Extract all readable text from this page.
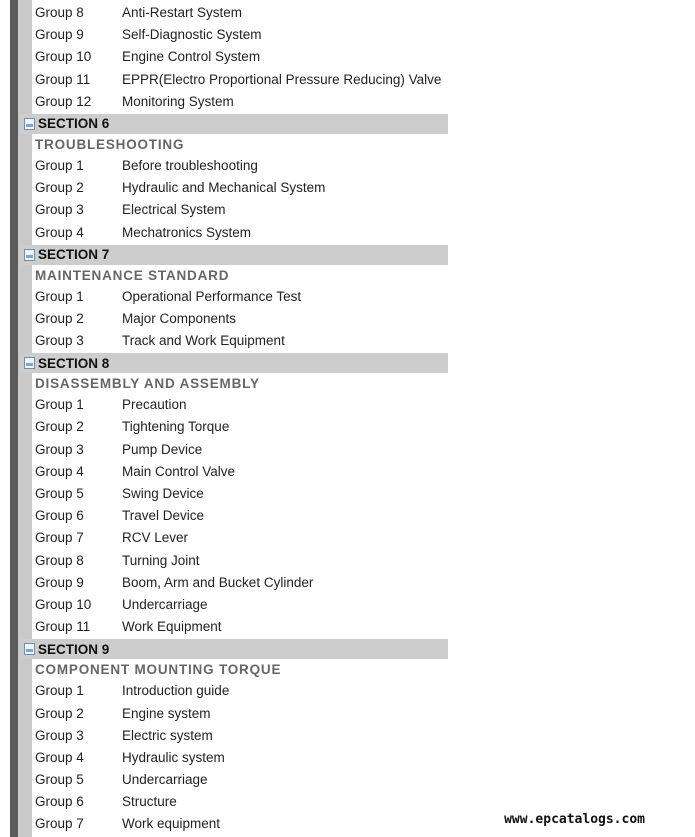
Group 8	Anti-Restart System
Group 9	Self-Diagnostic System
Group 10	Engine Control System
Group 11	EPPR(Electro Proportional Pressure Reducing) Valve
Group 12	Monitoring System
SECTION 6
TROUBLESHOOTING
Group 1	Before troubleshooting
Group 2	Hydraulic and Mechanical System
Group 3	Electrical System
Group 4	Mechatronics System
SECTION 7
MAINTENANCE STANDARD
Group 1	Operational Performance Test
Group 2	Major Components
Group 3	Track and Work Equipment
SECTION 8
DISASSEMBLY AND ASSEMBLY
Group 1	Precaution
Group 2	Tightening Torque
Group 3	Pump Device
Group 4	Main Control Valve
Group 5	Swing Device
Group 6	Travel Device
Group 7	RCV Lever
Group 8	Turning Joint
Group 9	Boom, Arm and Bucket Cylinder
Group 10	Undercarriage
Group 11	Work Equipment
SECTION 9
COMPONENT MOUNTING TORQUE
Group 1	Introduction guide
Group 2	Engine system
Group 3	Electric system
Group 4	Hydraulic system
Group 5	Undercarriage
Group 6	Structure
Group 7	Work equipment	www.epcatalogs.com
